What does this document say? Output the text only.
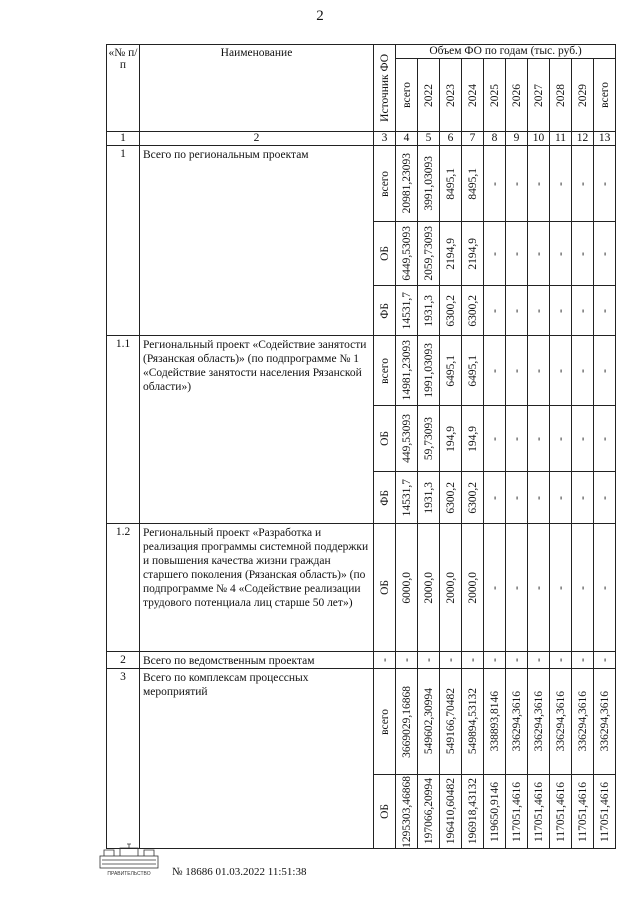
2
«№ п/п	Наименование	Источник ФО	Объем ФО по годам (тыс. руб.)									

			всего	2022	2023	2024	2025	2026	2027	2028	2029	всего

1	2	3	4	5	6	7	8	9	10	11	12	13
1	Всего по региональным проектам	всего	20981,23093	3991,03093	8495,1	8495,1	-	-	-	-	-	-

		ОБ	6449,53093	2059,73093	2194,9	2194,9	-	-	-	-	-	-

		ФБ	14531,7	1931,3	6300,2	6300,2	-	-	-	-	-	-

1.1	Региональный проект «Содействие занятости (Рязанская область)» (по подпрограмме № 1 «Содействие занятости населения Рязанской области»)	всего	14981,23093	1991,03093	6495,1	6495,1	-	-	-	-	-	-

		ОБ	449,53093	59,73093	194,9	194,9	-	-	-	-	-	-

		ФБ	14531,7	1931,3	6300,2	6300,2	-	-	-	-	-	-

1.2	Региональный проект «Разработка и реализация программы системной поддержки и повышения качества жизни граждан старшего поколения (Рязанская область)» (по подпрограмме № 4 «Содействие реализации трудового потенциала лиц старше 50 лет»)	ОБ	6000,0	2000,0	2000,0	2000,0	-	-	-	-	-	-

2	Всего по ведомственным проектам	-	-	-	-	-	-	-	-	-	-	-

3	Всего по комплексам процессных мероприятий	всего	3669029,16868	549602,30994	549166,70482	549894,53132	338893,8146	336294,3616	336294,3616	336294,3616	336294,3616	336294,3616

		ОБ	1295303,46868	197066,20994	196410,60482	196918,43132	119650,9146	117051,4616	117051,4616	117051,4616	117051,4616	117051,4616
ПРАВИТЕЛЬСТВО № 18686 01.03.2022 11:51:38
